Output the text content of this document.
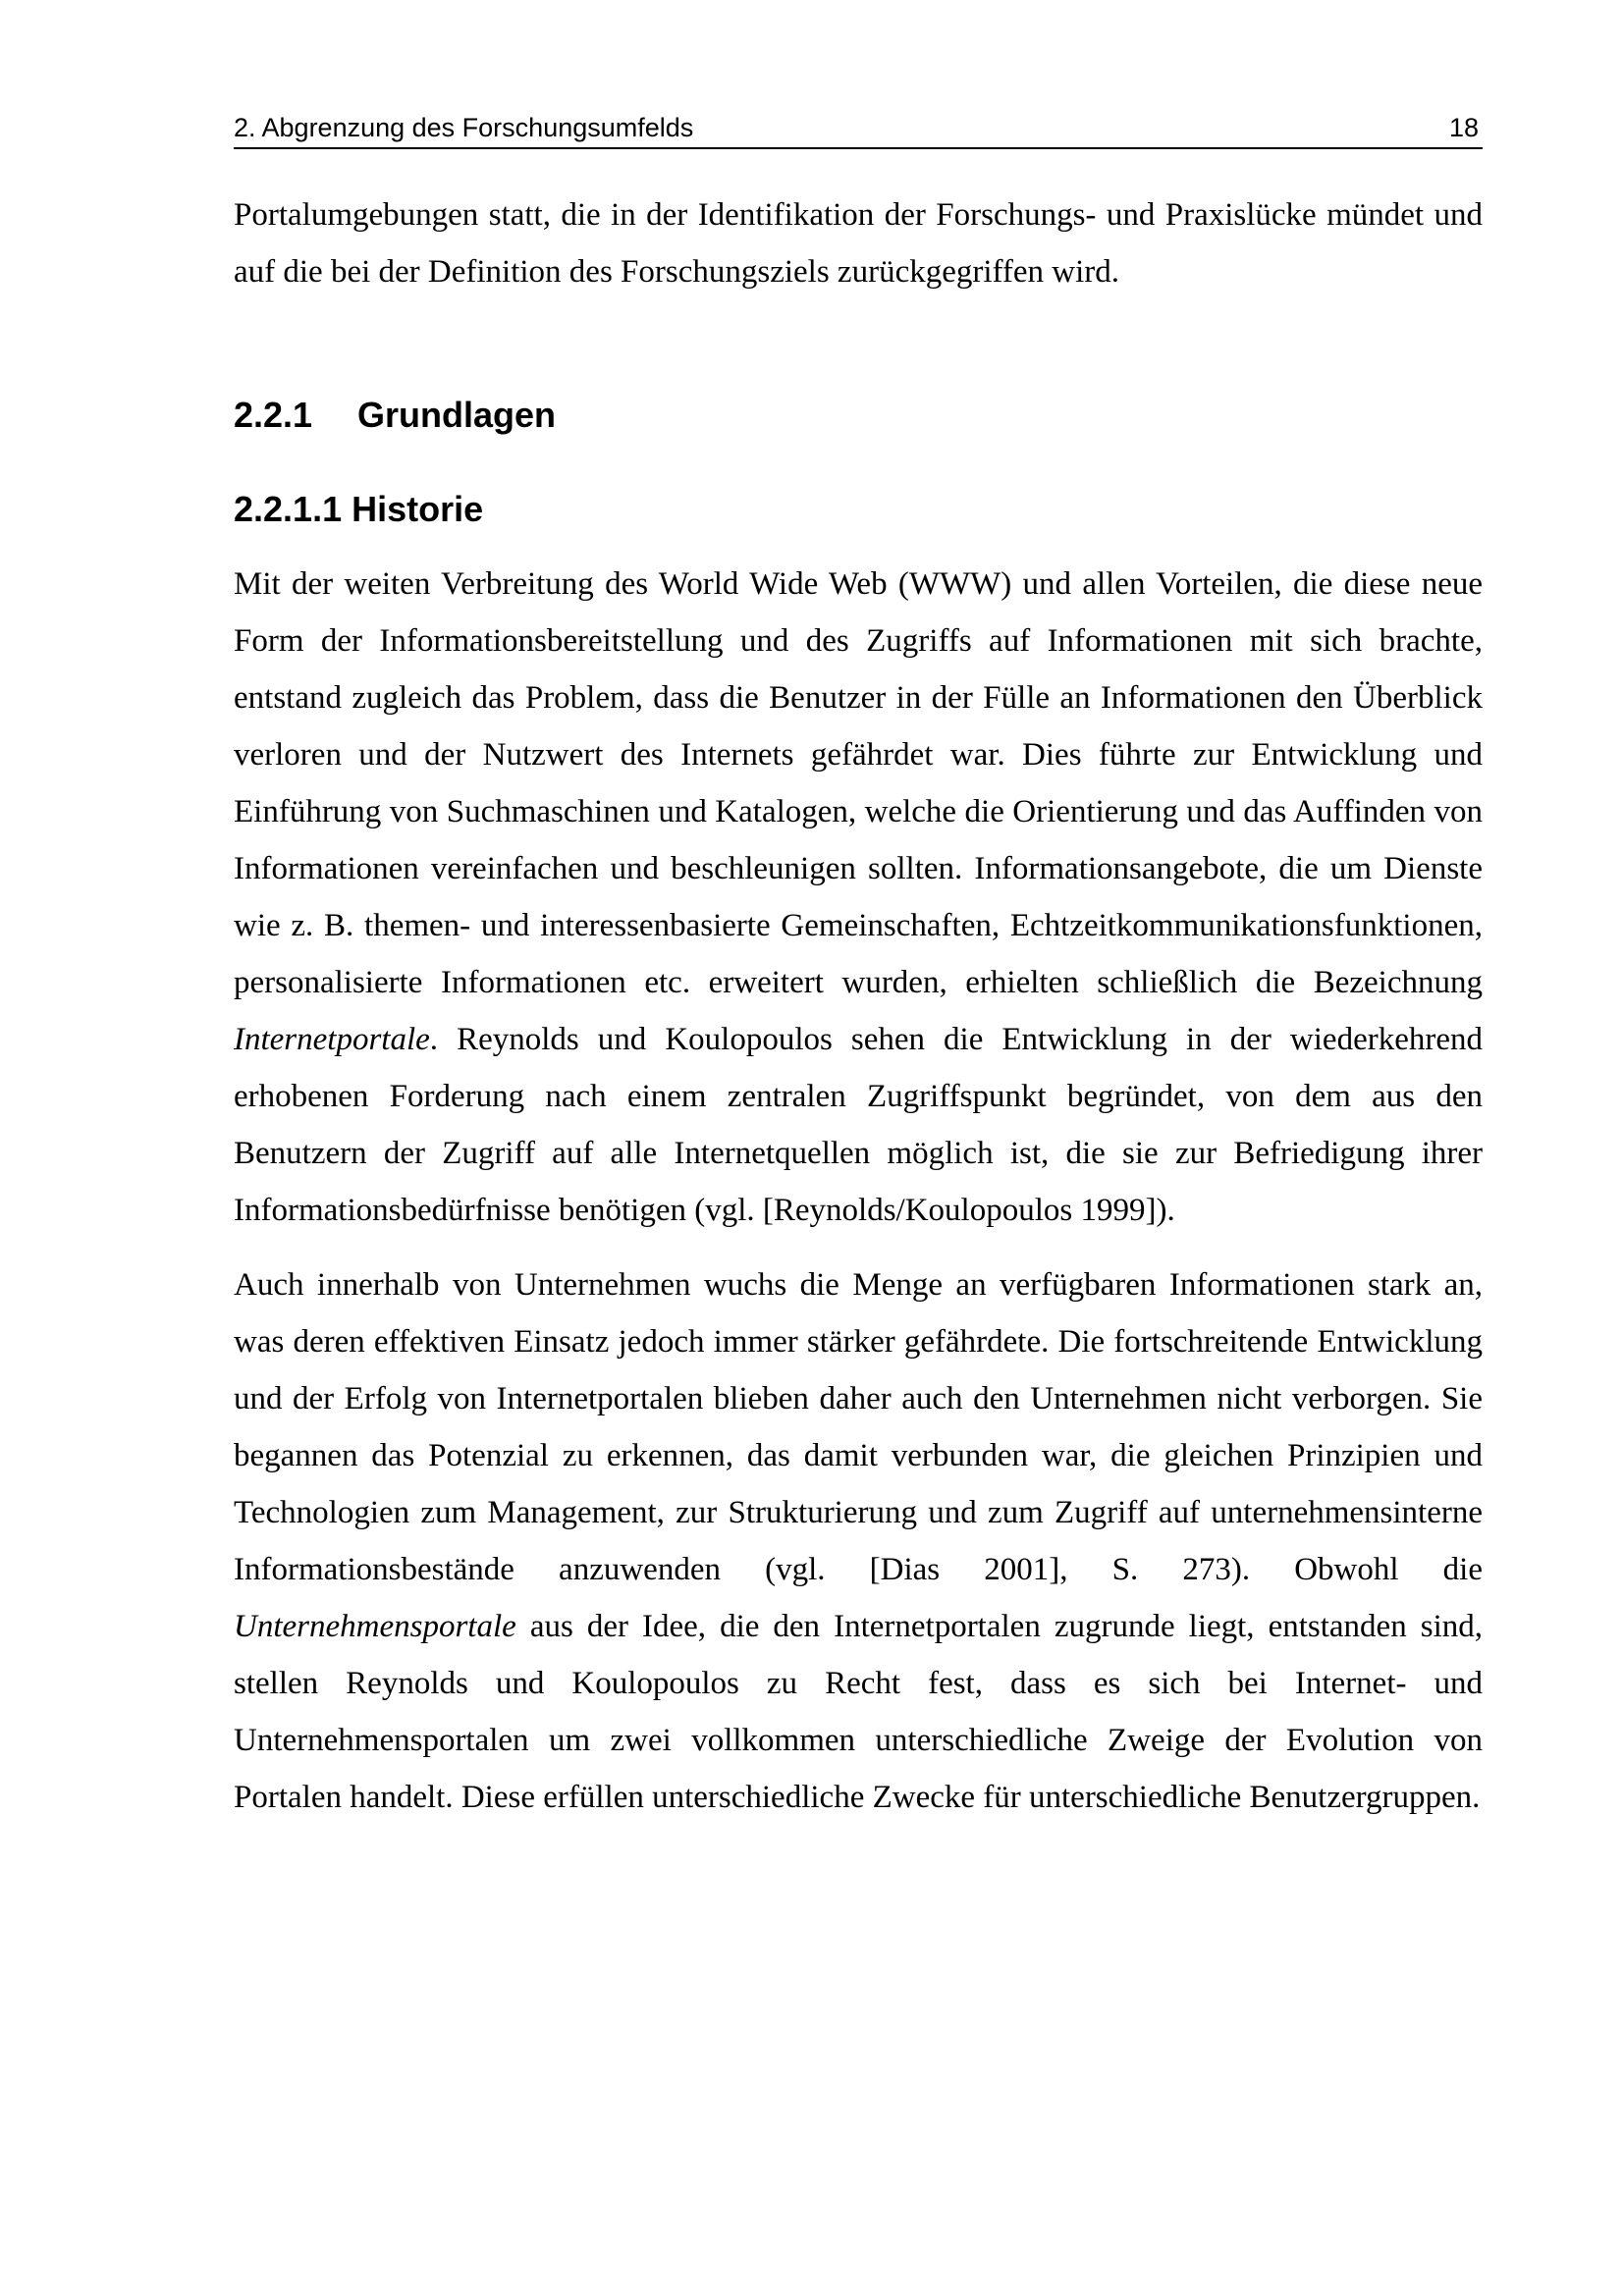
2. Abgrenzung des Forschungsumfelds	18

Portalumgebungen statt, die in der Identifikation der Forschungs- und Praxislücke mündet und auf die bei der Definition des Forschungsziels zurückgegriffen wird.

2.2.1 Grundlagen
2.2.1.1 Historie

Mit der weiten Verbreitung des World Wide Web (WWW) und allen Vorteilen, die diese neue Form der Informationsbereitstellung und des Zugriffs auf Informationen mit sich brachte, entstand zugleich das Problem, dass die Benutzer in der Fülle an Informationen den Überblick verloren und der Nutzwert des Internets gefährdet war. Dies führte zur Entwicklung und Einführung von Suchmaschinen und Katalogen, welche die Orientierung und das Auffinden von Informationen vereinfachen und beschleunigen sollten. Informationsangebote, die um Dienste wie z. B. themen- und interessenbasierte Gemeinschaften, Echtzeitkommunikationsfunktionen, personalisierte Informationen etc. erweitert wurden, erhielten schließlich die Bezeichnung Internetportale. Reynolds und Koulopoulos sehen die Entwicklung in der wiederkehrend erhobenen Forderung nach einem zentralen Zugriffspunkt begründet, von dem aus den Benutzern der Zugriff auf alle Internetquellen möglich ist, die sie zur Befriedigung ihrer Informationsbedürfnisse benötigen (vgl. [Reynolds/Koulopoulos 1999]).

Auch innerhalb von Unternehmen wuchs die Menge an verfügbaren Informationen stark an, was deren effektiven Einsatz jedoch immer stärker gefährdete. Die fortschreitende Entwicklung und der Erfolg von Internetportalen blieben daher auch den Unternehmen nicht verborgen. Sie begannen das Potenzial zu erkennen, das damit verbunden war, die gleichen Prinzipien und Technologien zum Management, zur Strukturierung und zum Zugriff auf unternehmensinterne Informationsbestände anzuwenden (vgl. [Dias 2001], S. 273). Obwohl die Unternehmensportale aus der Idee, die den Internetportalen zugrunde liegt, entstanden sind, stellen Reynolds und Koulopoulos zu Recht fest, dass es sich bei Internet- und Unternehmensportalen um zwei vollkommen unterschiedliche Zweige der Evolution von Portalen handelt. Diese erfüllen unterschiedliche Zwecke für unterschiedliche Benutzergruppen.
